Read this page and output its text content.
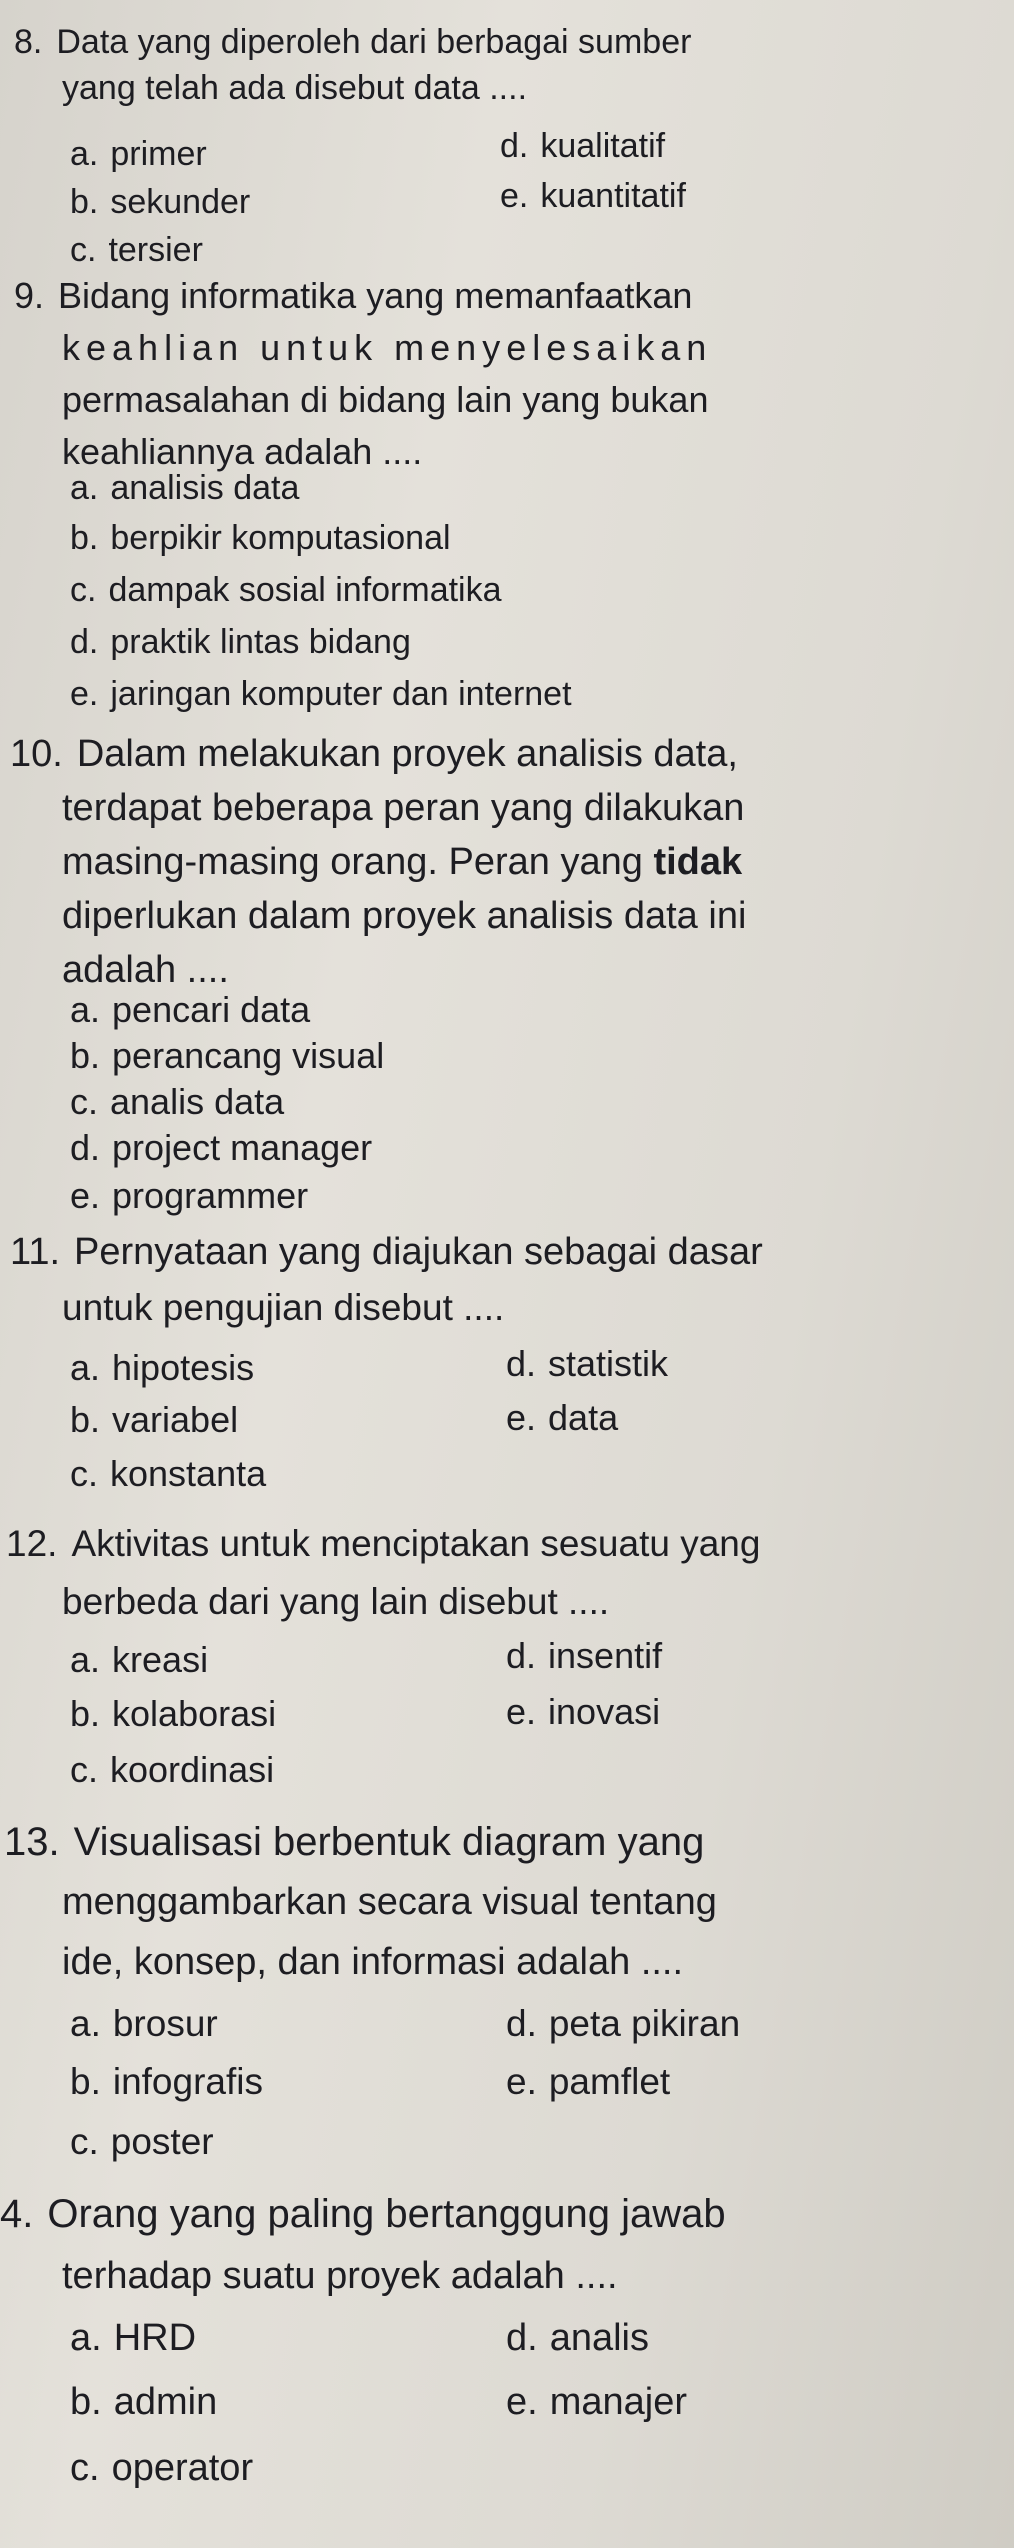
8. Data yang diperoleh dari berbagai sumber

yang telah ada disebut data ....

a. primer	d. kualitatif
b. sekunder	e. kuantitatif
c. tersier

9. Bidang informatika yang memanfaatkan

keahlian untuk menyelesaikan

permasalahan di bidang lain yang bukan

keahliannya adalah ....

a. analisis data
b. berpikir komputasional
c. dampak sosial informatika
d. praktik lintas bidang
e. jaringan komputer dan internet

10. Dalam melakukan proyek analisis data,

terdapat beberapa peran yang dilakukan

masing-masing orang. Peran yang tidak

diperlukan dalam proyek analisis data ini

adalah ....

a. pencari data
b. perancang visual
c. analis data
d. project manager
e. programmer

11. Pernyataan yang diajukan sebagai dasar

untuk pengujian disebut ....

a. hipotesis	d. statistik
b. variabel	e. data
c. konstanta

12. Aktivitas untuk menciptakan sesuatu yang

berbeda dari yang lain disebut ....

a. kreasi	d. insentif
b. kolaborasi	e. inovasi
c. koordinasi

13. Visualisasi berbentuk diagram yang

menggambarkan secara visual tentang

ide, konsep, dan informasi adalah ....

a. brosur	d. peta pikiran
b. infografis	e. pamflet
c. poster

4. Orang yang paling bertanggung jawab

terhadap suatu proyek adalah ....

a. HRD	d. analis
b. admin	e. manajer
c. operator
